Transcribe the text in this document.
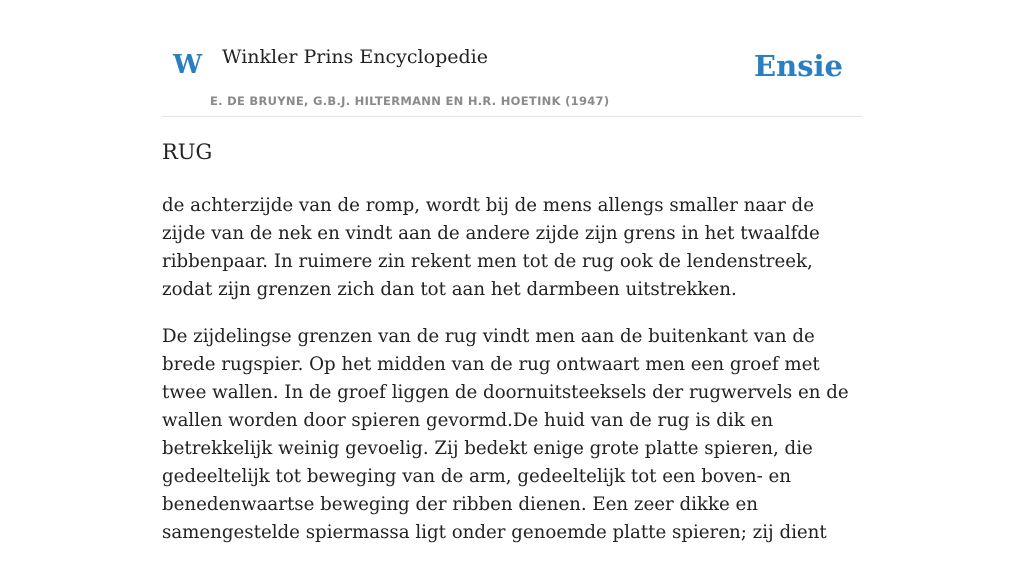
W Winkler Prins Encyclopedie
E. DE BRUYNE, G.B.J. HILTERMANN EN H.R. HOETINK (1947)
Ensie
RUG

de achterzijde van de romp, wordt bij de mens allengs smaller naar de zijde van de nek en vindt aan de andere zijde zijn grens in het twaalfde ribbenpaar. In ruimere zin rekent men tot de rug ook de lendenstreek, zodat zijn grenzen zich dan tot aan het darmbeen uitstrekken.

De zijdelingse grenzen van de rug vindt men aan de buitenkant van de brede rugspier. Op het midden van de rug ontwaart men een groef met twee wallen. In de groef liggen de doornuitsteeksels der rugwervels en de wallen worden door spieren gevormd.De huid van de rug is dik en betrekkelijk weinig gevoelig. Zij bedekt enige grote platte spieren, die gedeeltelijk tot beweging van de arm, gedeeltelijk tot een boven- en benedenwaartse beweging der ribben dienen. Een zeer dikke en samengestelde spiermassa ligt onder genoemde platte spieren; zij dient
